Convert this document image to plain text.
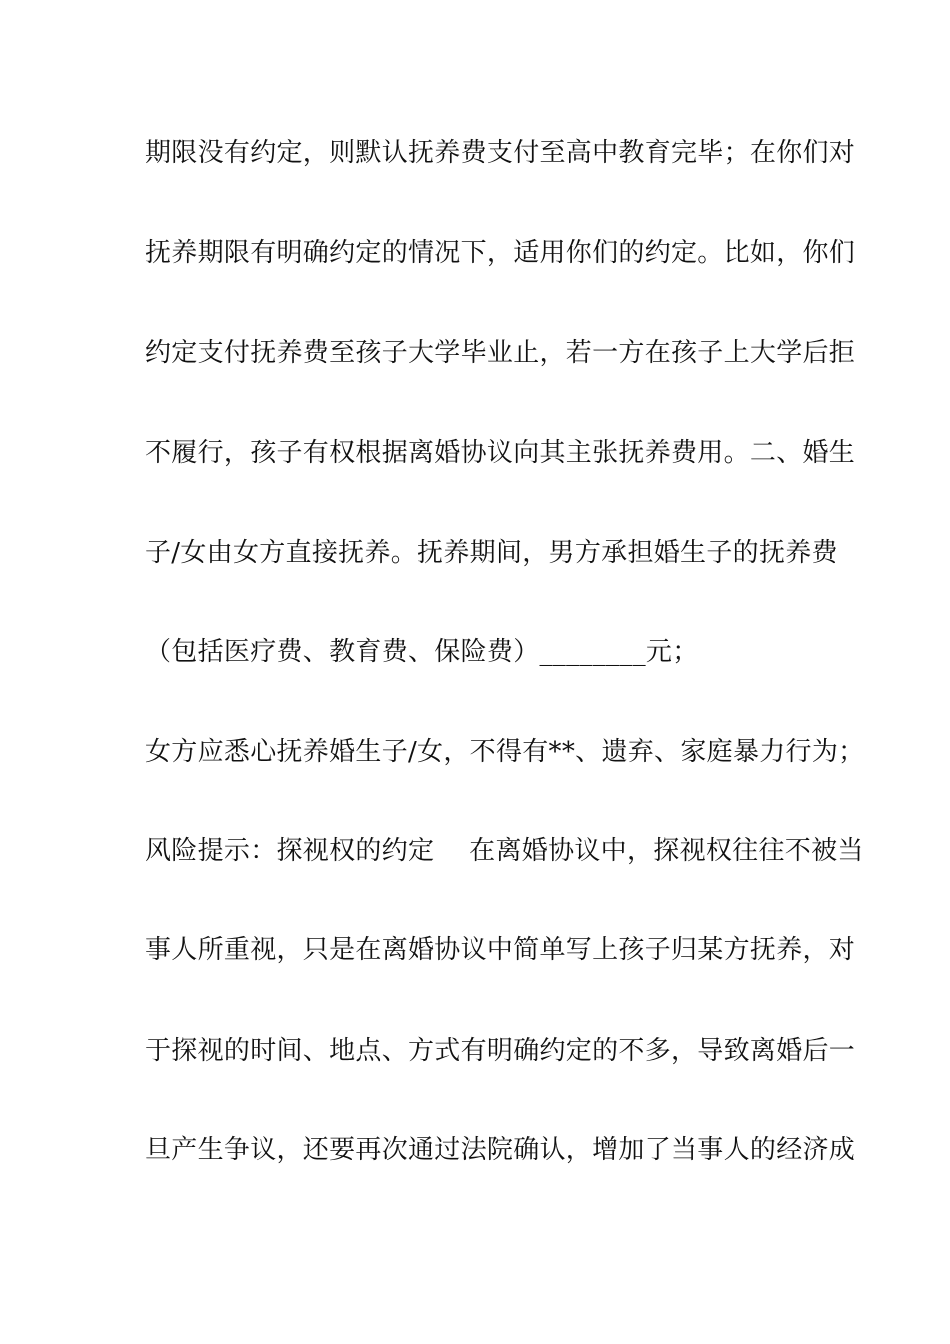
期限没有约定，则默认抚养费支付至高中教育完毕；在你们对
抚养期限有明确约定的情况下，适用你们的约定。比如，你们
约定支付抚养费至孩子大学毕业止，若一方在孩子上大学后拒
不履行，孩子有权根据离婚协议向其主张抚养费用。二、婚生
子/女由女方直接抚养。抚养期间，男方承担婚生子的抚养费
（包括医疗费、教育费、保险费）________元；
女方应悉心抚养婚生子/女，不得有**、遗弃、家庭暴力行为；
风险提示：探视权的约定　 在离婚协议中，探视权往往不被当
事人所重视，只是在离婚协议中简单写上孩子归某方抚养，对
于探视的时间、地点、方式有明确约定的不多，导致离婚后一
旦产生争议，还要再次通过法院确认，增加了当事人的经济成
